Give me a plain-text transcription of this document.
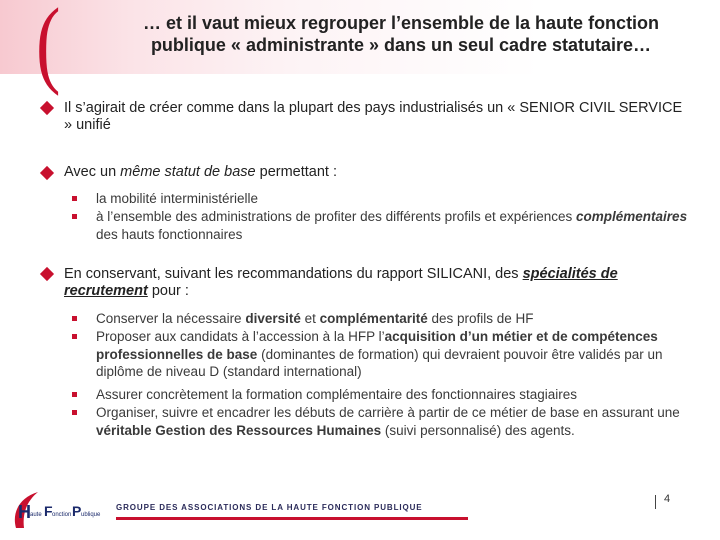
(	… et il vaut mieux regrouper l’ensemble de la haute fonction
publique « administrante » dans un seul cadre statutaire…
Il s’agirait de créer comme dans la plupart des pays industrialisés un « SENIOR CIVIL SERVICE » unifié
Avec un même statut de base permettant :
la mobilité interministérielle
à l’ensemble des administrations de profiter des différents profils et expériences complémentaires des hauts fonctionnaires
En conservant, suivant les recommandations du rapport SILICANI, des spécialités de recrutement pour :
Conserver la nécessaire diversité et complémentarité des profils de HF
Proposer aux candidats à l’accession à la HFP l’acquisition d’un métier et de compétences professionnelles de base (dominantes de formation) qui devraient pouvoir être validés par un diplôme de niveau D (standard international)
Assurer concrètement la formation complémentaire des fonctionnaires stagiaires
Organiser, suivre et encadrer les débuts de carrière à partir de ce métier de base en assurant une véritable Gestion des Ressources Humaines (suivi personnalisé) des agents.
H aute F onction P ublique
GROUPE DES ASSOCIATIONS DE LA HAUTE FONCTION PUBLIQUE
4
